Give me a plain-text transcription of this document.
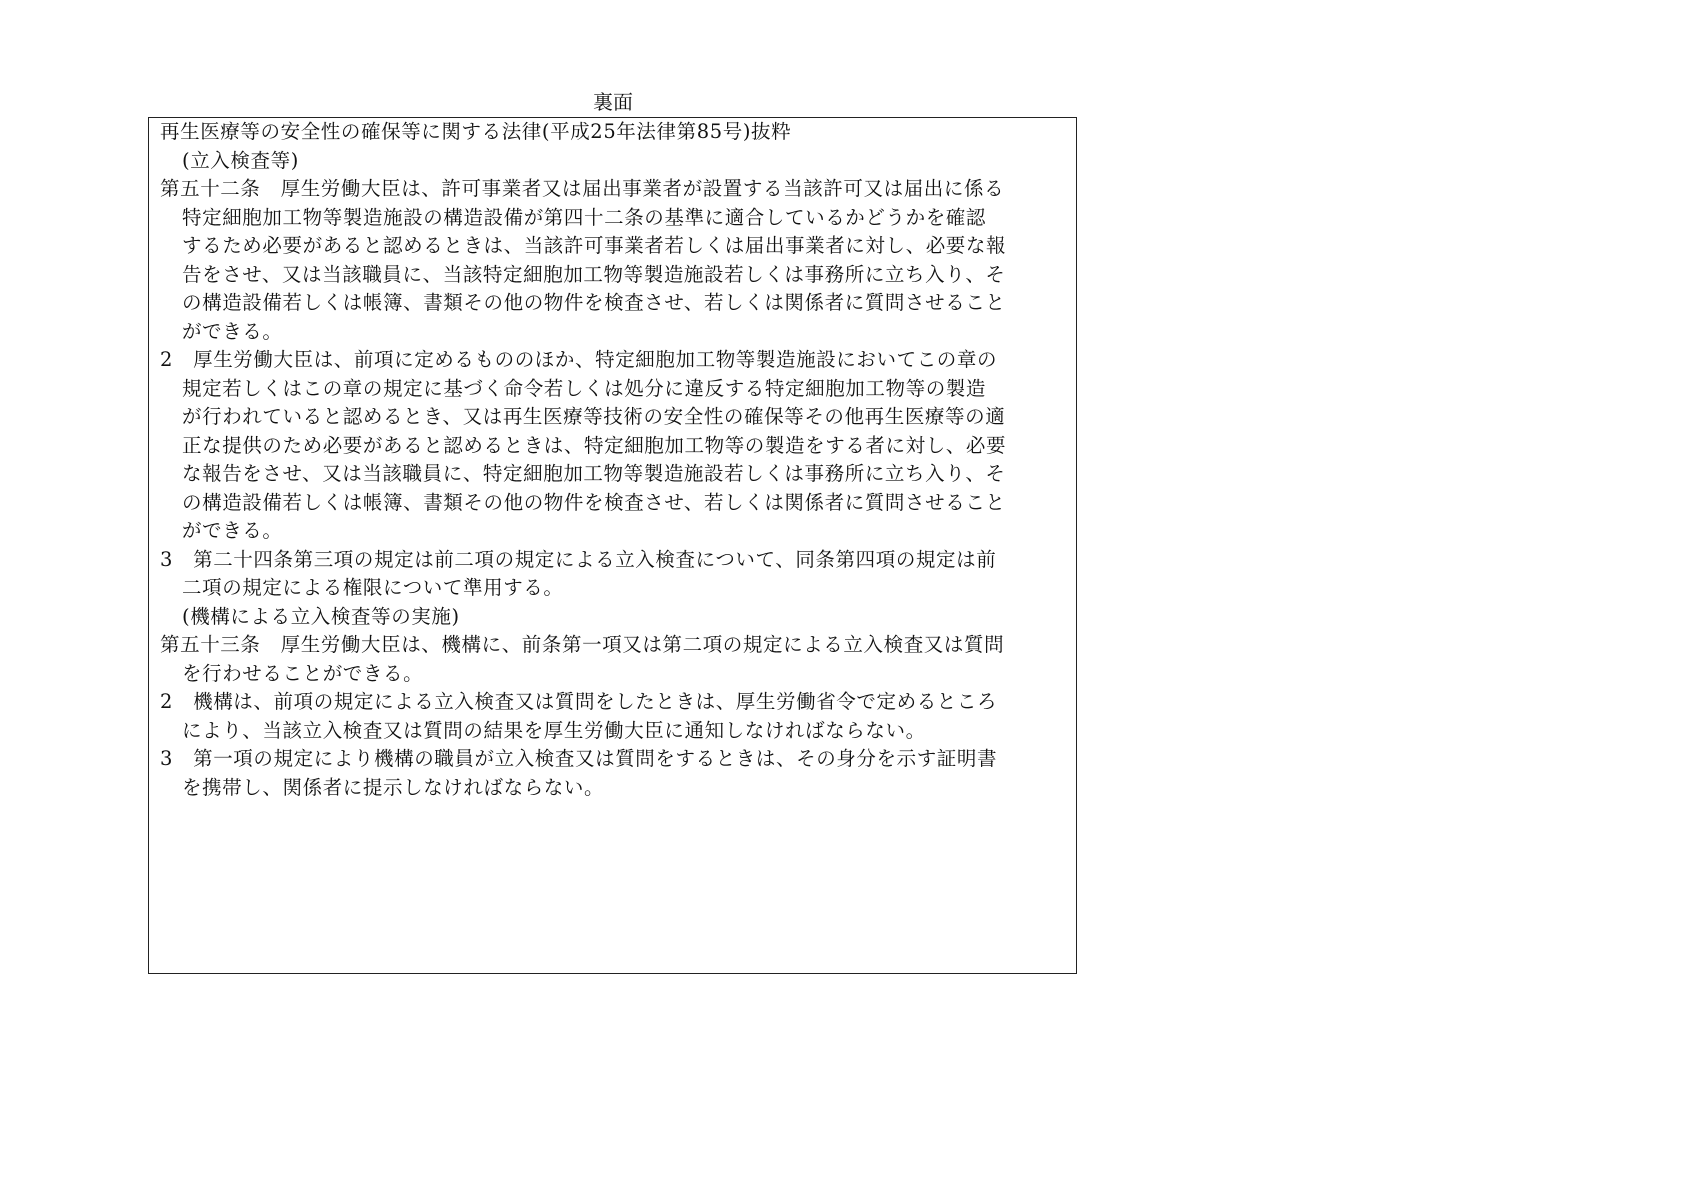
裏面
再生医療等の安全性の確保等に関する法律(平成25年法律第85号)抜粋
(立入検査等)
第五十二条　厚生労働大臣は、許可事業者又は届出事業者が設置する当該許可又は届出に係る
特定細胞加工物等製造施設の構造設備が第四十二条の基準に適合しているかどうかを確認
するため必要があると認めるときは、当該許可事業者若しくは届出事業者に対し、必要な報
告をさせ、又は当該職員に、当該特定細胞加工物等製造施設若しくは事務所に立ち入り、そ
の構造設備若しくは帳簿、書類その他の物件を検査させ、若しくは関係者に質問させること
ができる。
2　厚生労働大臣は、前項に定めるもののほか、特定細胞加工物等製造施設においてこの章の
規定若しくはこの章の規定に基づく命令若しくは処分に違反する特定細胞加工物等の製造
が行われていると認めるとき、又は再生医療等技術の安全性の確保等その他再生医療等の適
正な提供のため必要があると認めるときは、特定細胞加工物等の製造をする者に対し、必要
な報告をさせ、又は当該職員に、特定細胞加工物等製造施設若しくは事務所に立ち入り、そ
の構造設備若しくは帳簿、書類その他の物件を検査させ、若しくは関係者に質問させること
ができる。
3　第二十四条第三項の規定は前二項の規定による立入検査について、同条第四項の規定は前
二項の規定による権限について準用する。
(機構による立入検査等の実施)
第五十三条　厚生労働大臣は、機構に、前条第一項又は第二項の規定による立入検査又は質問
を行わせることができる。
2　機構は、前項の規定による立入検査又は質問をしたときは、厚生労働省令で定めるところ
により、当該立入検査又は質問の結果を厚生労働大臣に通知しなければならない。
3　第一項の規定により機構の職員が立入検査又は質問をするときは、その身分を示す証明書
を携帯し、関係者に提示しなければならない。
